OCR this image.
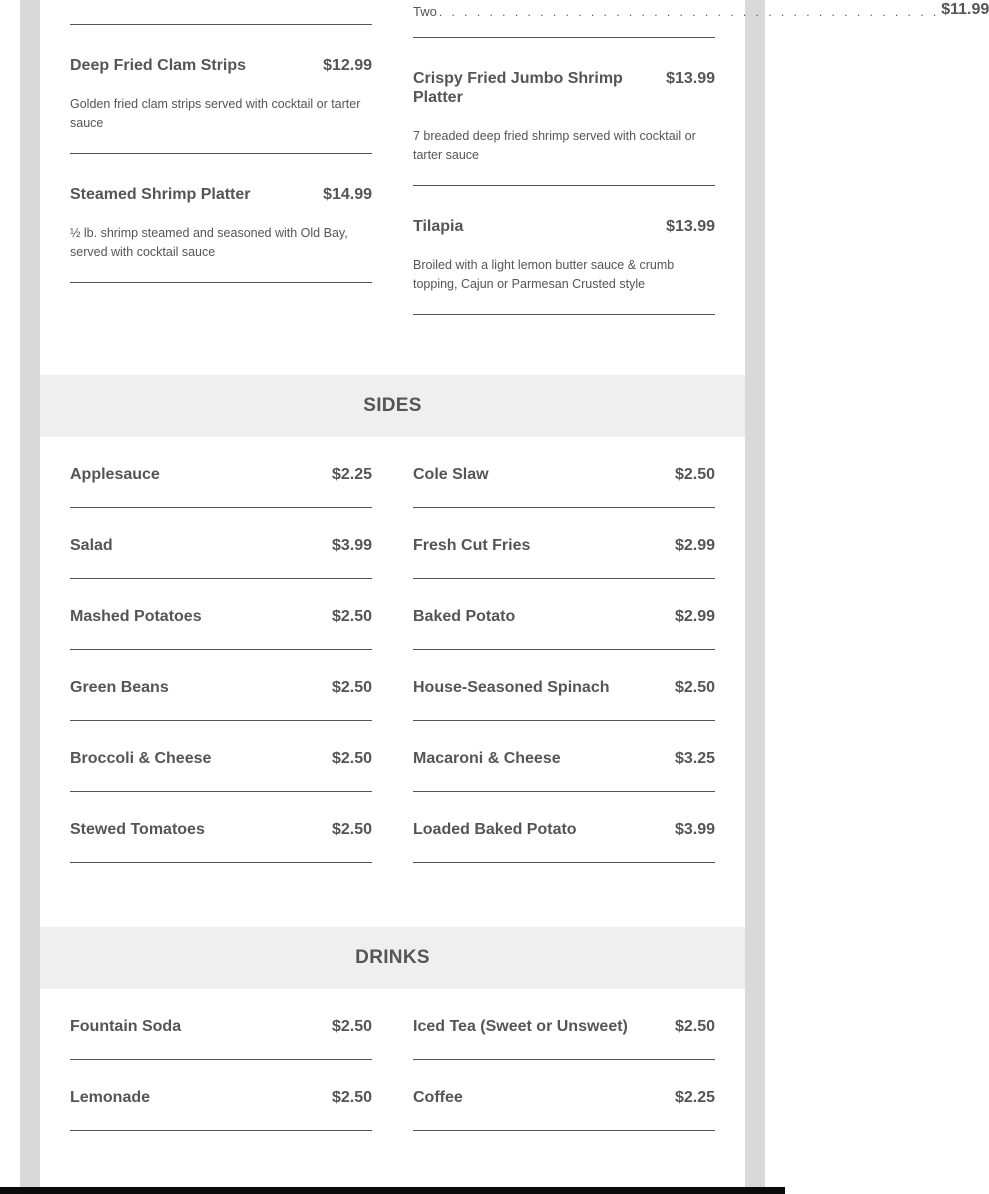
Two . . . . . . . . . . . . . . . . . . . . . . . . . . . . . . . . . . . . . . . . $11.99
Deep Fried Clam Strips	$12.99
Golden fried clam strips served with cocktail or tarter sauce
Steamed Shrimp Platter	$14.99
½ lb. shrimp steamed and seasoned with Old Bay, served with cocktail sauce
Crispy Fried Jumbo Shrimp Platter
$13.99
7 breaded deep fried shrimp served with cocktail or tarter sauce
Tilapia	$13.99
Broiled with a light lemon butter sauce & crumb topping, Cajun or Parmesan Crusted style
SIDES
Applesauce	$2.25
Salad	$3.99
Mashed Potatoes	$2.50
Green Beans	$2.50
Broccoli & Cheese	$2.50
Stewed Tomatoes	$2.50
Cole Slaw	$2.50
Fresh Cut Fries	$2.99
Baked Potato	$2.99
House-Seasoned Spinach	$2.50
Macaroni & Cheese	$3.25
Loaded Baked Potato	$3.99
DRINKS
Fountain Soda	$2.50
Lemonade	$2.50
Iced Tea (Sweet or Unsweet)	$2.50
Coffee	$2.25
